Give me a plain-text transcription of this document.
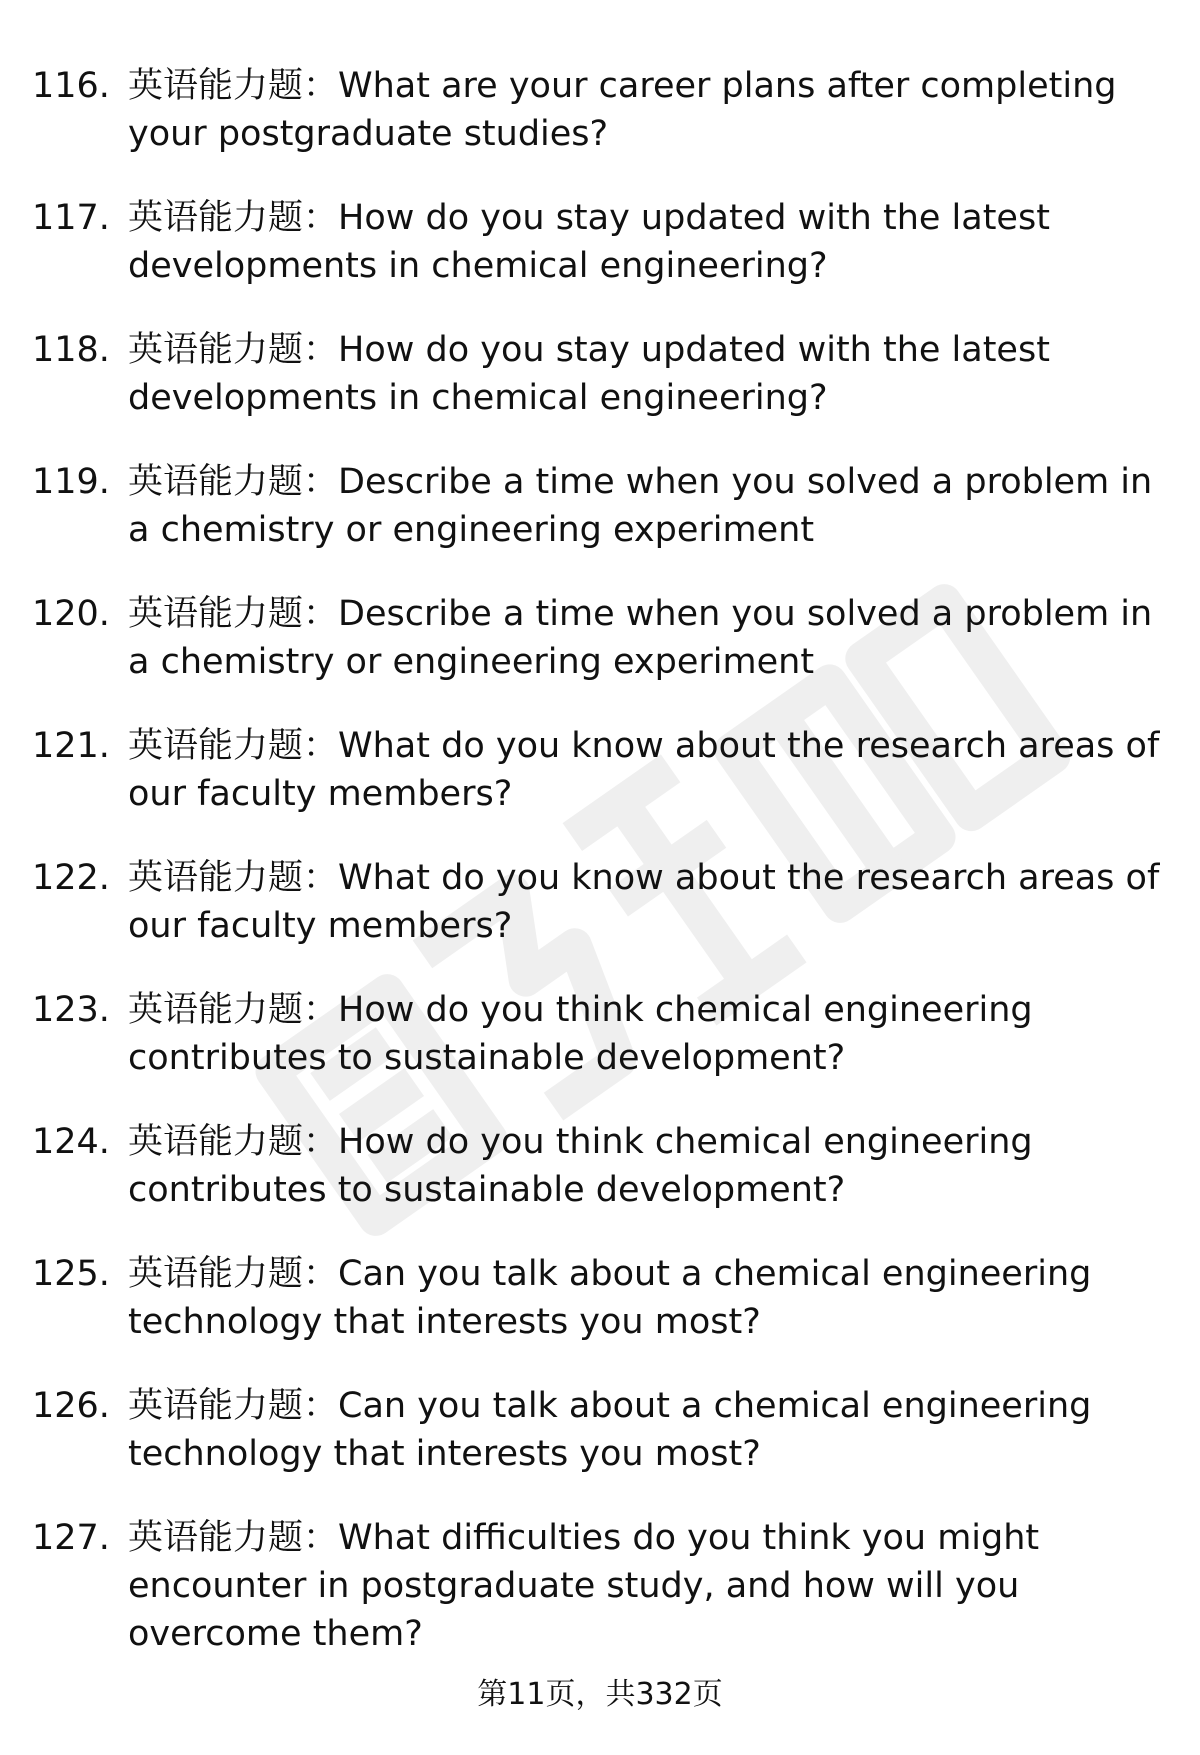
116. 英语能力题：What are your career plans after completing your postgraduate studies?
117. 英语能力题：How do you stay updated with the latest developments in chemical engineering?
118. 英语能力题：How do you stay updated with the latest developments in chemical engineering?
119. 英语能力题：Describe a time when you solved a problem in a chemistry or engineering experiment
120. 英语能力题：Describe a time when you solved a problem in a chemistry or engineering experiment
121. 英语能力题：What do you know about the research areas of our faculty members?
122. 英语能力题：What do you know about the research areas of our faculty members?
123. 英语能力题：How do you think chemical engineering contributes to sustainable development?
124. 英语能力题：How do you think chemical engineering contributes to sustainable development?
125. 英语能力题：Can you talk about a chemical engineering technology that interests you most?
126. 英语能力题：Can you talk about a chemical engineering technology that interests you most?
127. 英语能力题：What difficulties do you think you might encounter in postgraduate study, and how will you overcome them?
第11页，共332页
